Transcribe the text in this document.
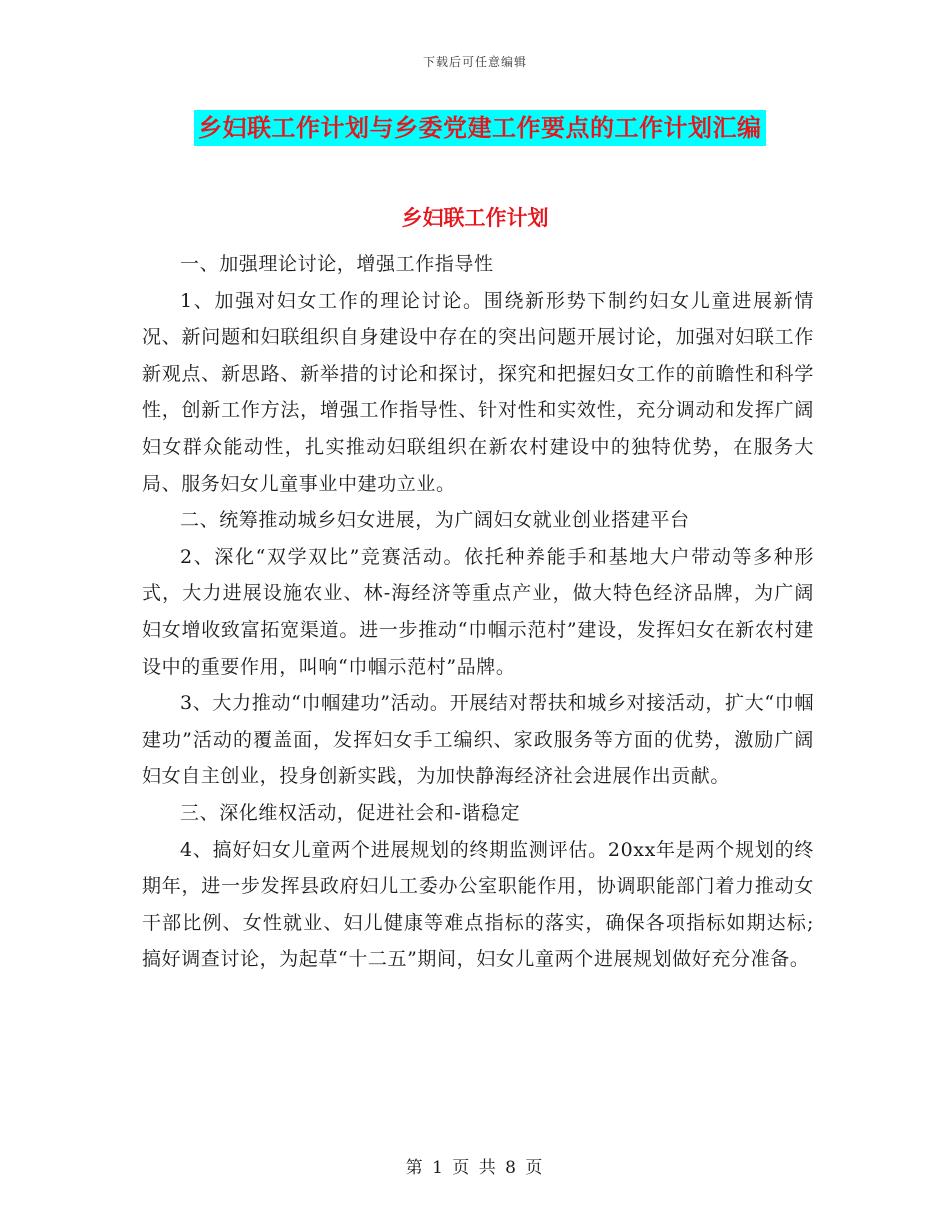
下载后可任意编辑
乡妇联工作计划与乡委党建工作要点的工作计划汇编
乡妇联工作计划

一、加强理论讨论，增强工作指导性

1、加强对妇女工作的理论讨论。围绕新形势下制约妇女儿童进展新情况、新问题和妇联组织自身建设中存在的突出问题开展讨论，加强对妇联工作新观点、新思路、新举措的讨论和探讨，探究和把握妇女工作的前瞻性和科学性，创新工作方法，增强工作指导性、针对性和实效性，充分调动和发挥广阔妇女群众能动性，扎实推动妇联组织在新农村建设中的独特优势，在服务大局、服务妇女儿童事业中建功立业。

二、统筹推动城乡妇女进展，为广阔妇女就业创业搭建平台

2、深化“双学双比”竞赛活动。依托种养能手和基地大户带动等多种形式，大力进展设施农业、林-海经济等重点产业，做大特色经济品牌，为广阔妇女增收致富拓宽渠道。进一步推动“巾帼示范村”建设，发挥妇女在新农村建设中的重要作用，叫响“巾帼示范村”品牌。

3、大力推动“巾帼建功”活动。开展结对帮扶和城乡对接活动，扩大“巾帼建功”活动的覆盖面，发挥妇女手工编织、家政服务等方面的优势，激励广阔妇女自主创业，投身创新实践，为加快静海经济社会进展作出贡献。

三、深化维权活动，促进社会和-谐稳定

4、搞好妇女儿童两个进展规划的终期监测评估。20xx年是两个规划的终期年，进一步发挥县政府妇儿工委办公室职能作用，协调职能部门着力推动女干部比例、女性就业、妇儿健康等难点指标的落实，确保各项指标如期达标;搞好调查讨论，为起草“十二五”期间，妇女儿童两个进展规划做好充分准备。

第 1 页 共 8 页
